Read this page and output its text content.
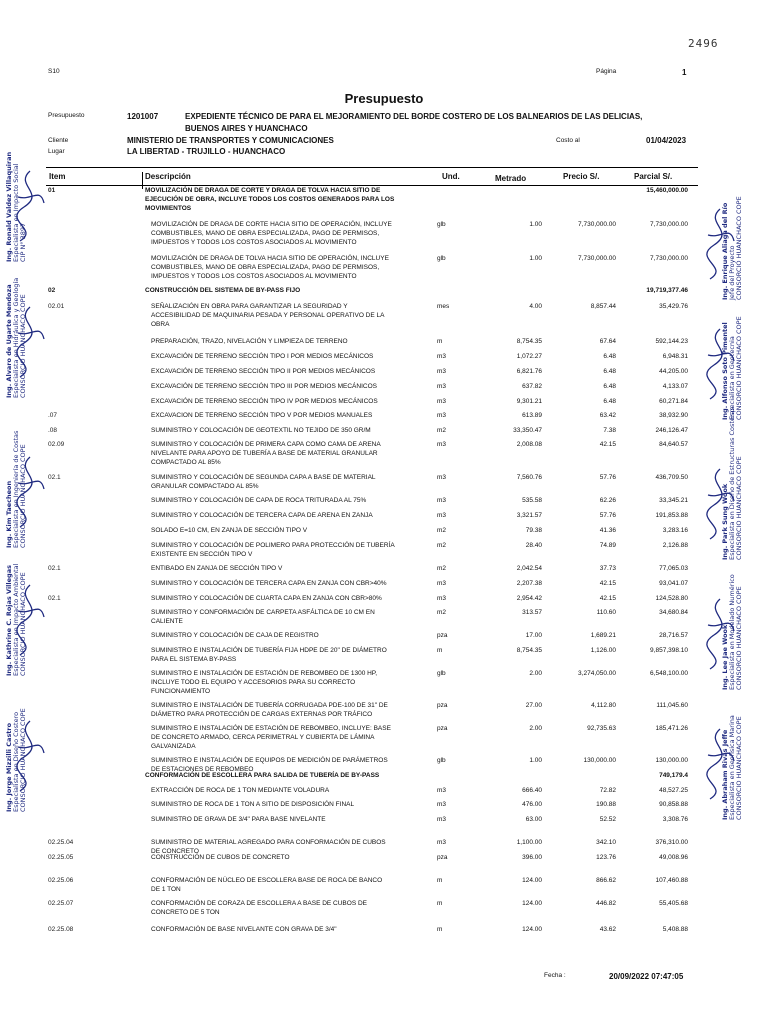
2496
S10	Página	1
Presupuesto
Presupuesto	1201007	EXPEDIENTE TÉCNICO DE PARA EL MEJORAMIENTO DEL BORDE COSTERO DE LOS BALNEARIOS DE LAS DELICIAS,
BUENOS AIRES Y HUANCHACO
Cliente	MINISTERIO DE TRANSPORTES Y COMUNICACIONES	Costo al	01/04/2023
Lugar	LA LIBERTAD - TRUJILLO - HUANCHACO
Item	Descripción	Und.	Metrado	Precio S/.	Parcial S/.
01	MOVILIZACIÓN DE DRAGA DE CORTE Y DRAGA DE TOLVA HACIA SITIO DE
EJECUCIÓN DE OBRA, INCLUYE TODOS LOS COSTOS GENERADOS PARA LOS
MOVIMIENTOS
15,460,000.00
MOVILIZACIÓN DE DRAGA DE CORTE HACIA SITIO DE OPERACIÓN, INCLUYE
COMBUSTIBLES, MANO DE OBRA ESPECIALIZADA, PAGO DE PERMISOS,
IMPUESTOS Y TODOS LOS COSTOS ASOCIADOS AL MOVIMIENTO
glb	1.00	7,730,000.00	7,730,000.00
MOVILIZACIÓN DE DRAGA DE TOLVA HACIA SITIO DE OPERACIÓN, INCLUYE
COMBUSTIBLES, MANO DE OBRA ESPECIALIZADA, PAGO DE PERMISOS,
IMPUESTOS Y TODOS LOS COSTOS ASOCIADOS AL MOVIMIENTO
glb	1.00	7,730,000.00	7,730,000.00
02	CONSTRUCCIÓN DEL SISTEMA DE BY-PASS FIJO	19,719,377.46
02.01	SEÑALIZACIÓN EN OBRA PARA GARANTIZAR LA SEGURIDAD Y
ACCESIBILIDAD DE MAQUINARIA PESADA Y PERSONAL OPERATIVO DE LA
OBRA
mes	4.00	8,857.44	35,429.76
PREPARACIÓN, TRAZO, NIVELACIÓN Y LIMPIEZA DE TERRENO	m	8,754.35	67.64	592,144.23
EXCAVACIÓN DE TERRENO SECCIÓN TIPO I POR MEDIOS MECÁNICOS	m3	1,072.27	6.48	6,948.31
EXCAVACIÓN DE TERRENO SECCIÓN TIPO II POR MEDIOS MECÁNICOS	m3	6,821.76	6.48	44,205.00
EXCAVACIÓN DE TERRENO SECCIÓN TIPO III POR MEDIOS MECÁNICOS	m3	637.82	6.48	4,133.07
EXCAVACIÓN DE TERRENO SECCIÓN TIPO IV POR MEDIOS MECÁNICOS	m3	9,301.21	6.48	60,271.84
.07	EXCAVACION DE TERRENO SECCIÓN TIPO V POR MEDIOS MANUALES	m3	613.89	63.42	38,932.90
.08	SUMINISTRO Y COLOCACIÓN DE GEOTEXTIL NO TEJIDO DE 350 GR/M	m2	33,350.47	7.38	246,126.47
02.09	SUMINISTRO Y COLOCACIÓN DE PRIMERA CAPA COMO CAMA DE ARENA
NIVELANTE PARA APOYO DE TUBERÍA A BASE DE MATERIAL GRANULAR
COMPACTADO AL 85%
m3	2,008.08	42.15	84,640.57
02.1	SUMINISTRO Y COLOCACIÓN DE SEGUNDA CAPA A BASE DE MATERIAL
GRANULAR COMPACTADO AL 85%
m3	7,560.76	57.76	436,709.50
SUMINISTRO Y COLOCACIÓN DE CAPA DE ROCA TRITURADA AL 75%	m3	535.58	62.26	33,345.21
SUMINISTRO Y COLOCACIÓN DE TERCERA CAPA DE ARENA EN ZANJA	m3	3,321.57	57.76	191,853.88
SOLADO E=10 CM, EN ZANJA DE SECCIÓN TIPO V	m2	79.38	41.36	3,283.16
SUMINISTRO Y COLOCACIÓN DE POLIMERO PARA PROTECCIÓN DE TUBERÍA
EXISTENTE EN SECCIÓN TIPO V
m2	28.40	74.89	2,126.88
02.1	ENTIBADO EN ZANJA DE SECCIÓN TIPO V	m2	2,042.54	37.73	77,065.03
SUMINISTRO Y COLOCACIÓN DE TERCERA CAPA EN ZANJA CON CBR>40%	m3	2,207.38	42.15	93,041.07
02.1	SUMINISTRO Y COLOCACIÓN DE CUARTA CAPA EN ZANJA CON CBR>80%	m3	2,954.42	42.15	124,528.80
SUMINISTRO Y CONFORMACIÓN DE CARPETA ASFÁLTICA DE 10 CM EN
CALIENTE
m2	313.57	110.60	34,680.84
SUMINISTRO Y COLOCACIÓN DE CAJA DE REGISTRO	pza	17.00	1,689.21	28,716.57
SUMINISTRO E INSTALACIÓN DE TUBERÍA FIJA HDPE DE 20" DE DIÁMETRO
PARA EL SISTEMA BY-PASS
m	8,754.35	1,126.00	9,857,398.10
SUMINISTRO E INSTALACIÓN DE ESTACIÓN DE REBOMBEO DE 1300 HP,
INCLUYE TODO EL EQUIPO Y ACCESORIOS PARA SU CORRECTO
FUNCIONAMIENTO
glb	2.00	3,274,050.00	6,548,100.00
SUMINISTRO E INSTALACIÓN DE TUBERÍA CORRUGADA PDE-100 DE 31" DE
DIÁMETRO PARA PROTECCIÓN DE CARGAS EXTERNAS POR TRÁFICO
pza	27.00	4,112.80	111,045.60
SUMINISTRO E INSTALACIÓN DE ESTACIÓN DE REBOMBEO, INCLUYE: BASE
DE CONCRETO ARMADO, CERCA PERIMETRAL Y CUBIERTA DE LÁMINA
GALVANIZADA
pza	2.00	92,735.63	185,471.26
SUMINISTRO E INSTALACIÓN DE EQUIPOS DE MEDICIÓN DE PARÁMETROS
DE ESTACIONES DE REBOMBEO
glb	1.00	130,000.00	130,000.00
CONFORMACIÓN DE ESCOLLERA PARA SALIDA DE TUBERÍA DE BY-PASS	749,179.4
EXTRACCIÓN DE ROCA DE 1 TON MEDIANTE VOLADURA	m3	666.40	72.82	48,527.25
SUMINISTRO DE ROCA DE 1 TON A SITIO DE DISPOSICIÓN FINAL	m3	476.00	190.88	90,858.88
SUMINISTRO DE GRAVA DE 3/4" PARA BASE NIVELANTE	m3	63.00	52.52	3,308.76
02.25.04	SUMINISTRO DE MATERIAL AGREGADO PARA CONFORMACIÓN DE CUBOS
DE CONCRETO
m3	1,100.00	342.10	376,310.00
02.25.05	CONSTRUCCIÓN DE CUBOS DE CONCRETO	pza	396.00	123.76	49,008.96
02.25.06	CONFORMACIÓN DE NÚCLEO DE ESCOLLERA BASE DE ROCA DE BANCO
DE 1 TON
m	124.00	866.62	107,460.88
02.25.07	CONFORMACIÓN DE CORAZA DE ESCOLLERA A BASE DE CUBOS DE
CONCRETO DE 5 TON
m	124.00	446.82	55,405.68
02.25.08	CONFORMACIÓN DE BASE NIVELANTE CON GRAVA DE 3/4"	m	124.00	43.62	5,408.88
Fecha :	20/09/2022 07:47:05
Ing. Ronald Valdez Villaquiran Especialista en Impacto Social CIP N° 3897
Ing. Alvaro de Ugarte Mendoza Especialista en Hidráulica y Geología CONSORCIO HUANCHACO COPE
Ing. Kim Taecheon Especialista en Ingeniería de Costas CONSORCIO HUANCHACO COPE
Ing. Kathrine C. Rojas Villegas Especialista en Impacto Ambiental CONSORCIO HUANCHACO COPE
Ing. Jorge Mizzilli Castro Especialista en Diseño Costero CONSORCIO HUANCHACO COPE
Ing. Enrique Aliaga del Río Jefe del Proyecto CONSORCIO HUANCHACO COPE
Ing. Alfonso Soto Pimentel Especialista en Geotecnia CONSORCIO HUANCHACO COPE
Ing. Park Sung Wook Especialista en Diseño de Estructuras Costeras CONSORCIO HUANCHACO COPE
Ing. Lee Jae Wook Especialista en Modelado Numérico CONSORCIO HUANCHACO COPE
Ing. Abraham Rivas Jeffe Especialista en Geofísica Marina CONSORCIO HUANCHACO COPE
